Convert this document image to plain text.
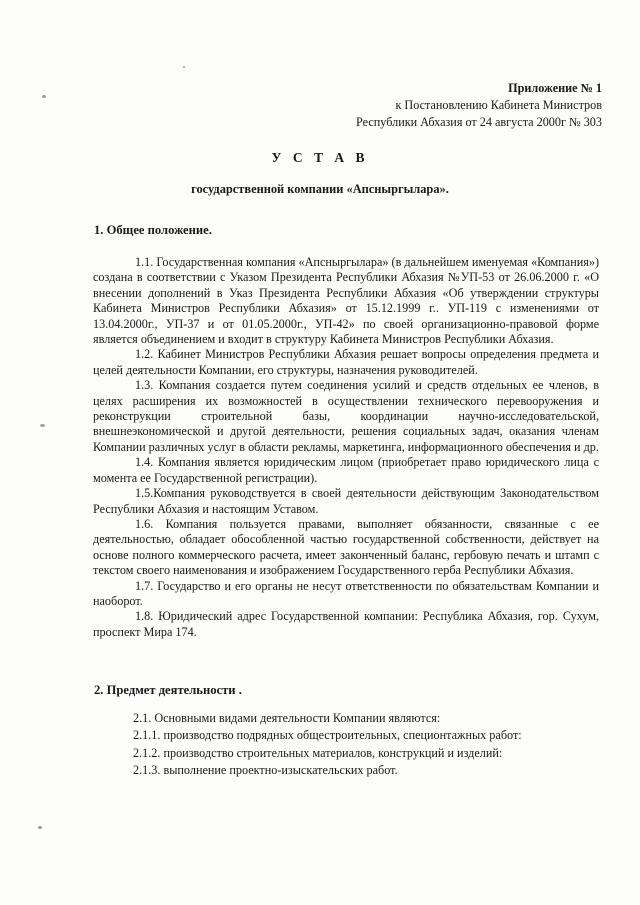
Приложение № 1
к Постановлению Кабинета Министров
Республики Абхазия от 24 августа 2000г № 303
У С Т А В
государственной компании «Апсныргылара».
1. Общее положение.

1.1. Государственная компания «Апсныргылара» (в дальнейшем именуемая «Компания») создана в соответствии с Указом Президента Республики Абхазия №УП-53 от 26.06.2000 г. «О внесении дополнений в Указ Президента Республики Абхазия «Об утверждении структуры Кабинета Министров Республики Абхазия» от 15.12.1999 г.. УП-119 с изменениями от 13.04.2000г., УП-37 и от 01.05.2000г., УП-42» по своей организационно-правовой форме является объединением и входит в структуру Кабинета Министров Республики Абхазия.

1.2. Кабинет Министров Республики Абхазия решает вопросы определения предмета и целей деятельности Компании, его структуры, назначения руководителей.

1.3. Компания создается путем соединения усилий и средств отдельных ее членов, в целях расширения их возможностей в осуществлении технического перевооружения и реконструкции строительной базы, координации научно-исследовательской, внешнеэкономической и другой деятельности, решения социальных задач, оказания членам Компании различных услуг в области рекламы, маркетинга, информационного обеспечения и др.

1.4. Компания является юридическим лицом (приобретает право юридического лица с момента ее Государственной регистрации).

1.5.Компания руководствуется в своей деятельности действующим Законодательством Республики Абхазия и настоящим Уставом.

1.6. Компания пользуется правами, выполняет обязанности, связанные с ее деятельностью, обладает обособленной частью государственной собственности, действует на основе полного коммерческого расчета, имеет законченный баланс, гербовую печать и штамп с текстом своего наименования и изображением Государственного герба Республики Абхазия.

1.7. Государство и его органы не несут ответственности по обязательствам Компании и наоборот.

1.8. Юридический адрес Государственной компании: Республика Абхазия, гор. Сухум, проспект Мира 174.

2. Предмет деятельности .
2.1. Основными видами деятельности Компании являются:
2.1.1. производство подрядных общестроительных, специонтажных работ:
2.1.2. производство строительных материалов, конструкций и изделий:
2.1.3. выполнение проектно-изыскательских работ.
